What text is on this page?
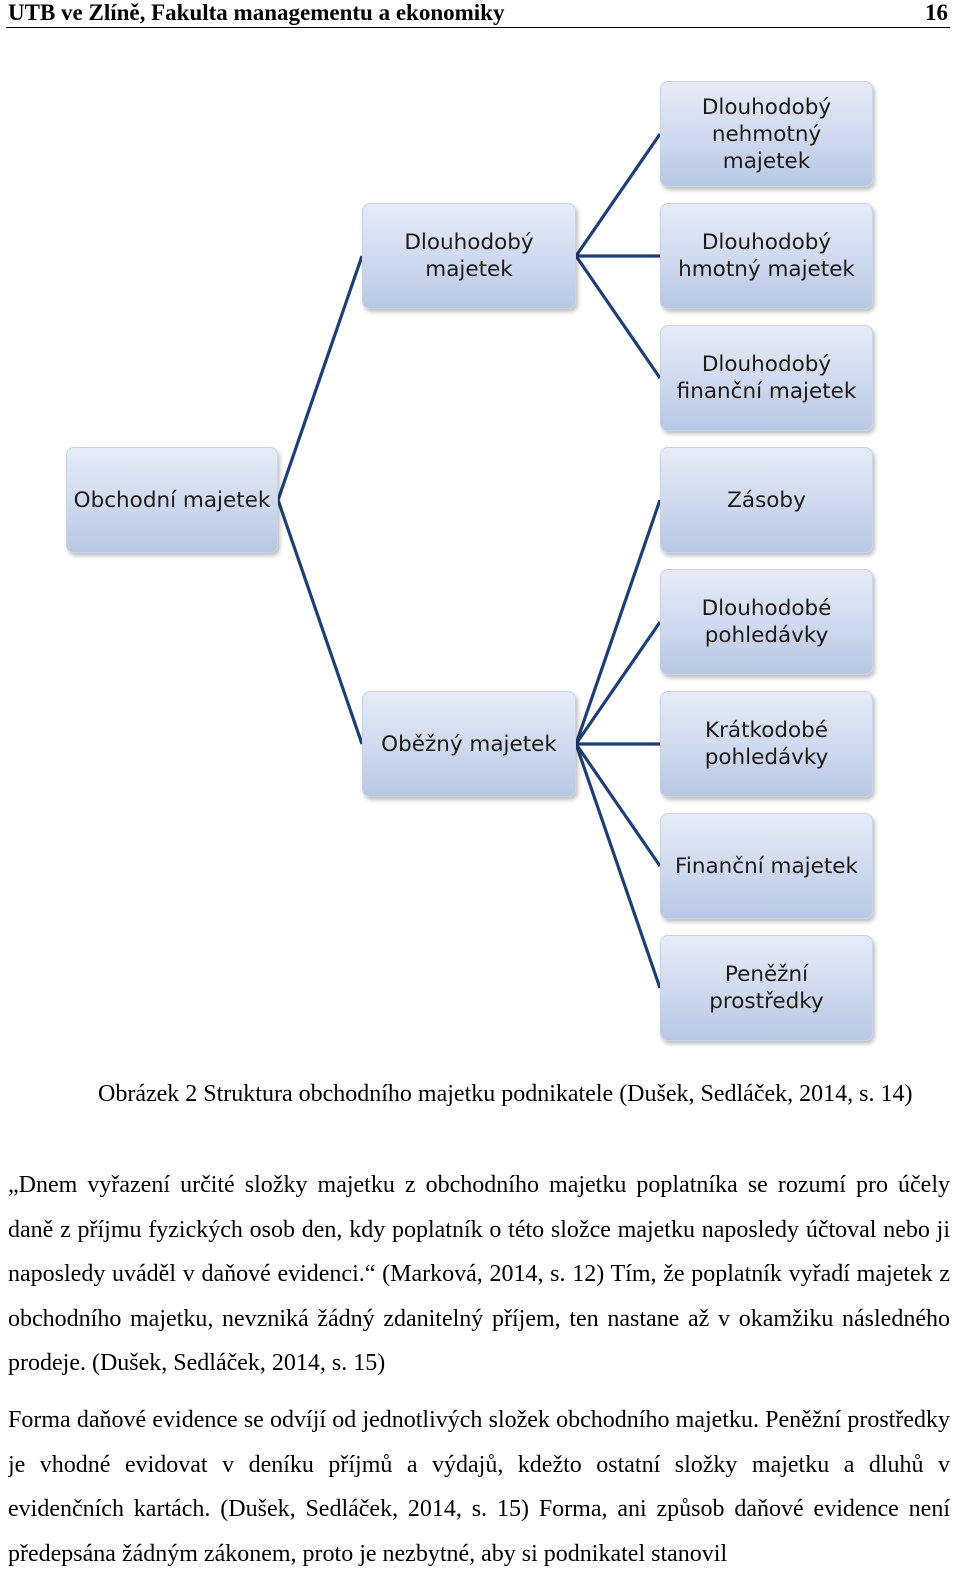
UTB ve Zlíně, Fakulta managementu a ekonomiky	16
Obchodní majetek
Dlouhodobý majetek
Oběžný majetek
Dlouhodobý nehmotný majetek
Dlouhodobý hmotný majetek
Dlouhodobý finanční majetek
Zásoby
Dlouhodobé pohledávky
Krátkodobé pohledávky
Finanční majetek
Peněžní prostředky
Obrázek 2 Struktura obchodního majetku podnikatele (Dušek, Sedláček, 2014, s. 14)
„Dnem vyřazení určité složky majetku z obchodního majetku poplatníka se rozumí pro účely daně z příjmu fyzických osob den, kdy poplatník o této složce majetku naposledy účtoval nebo ji naposledy uváděl v daňové evidenci.“ (Marková, 2014, s. 12) Tím, že poplatník vyřadí majetek z obchodního majetku, nevzniká žádný zdanitelný příjem, ten nastane až v okamžiku následného prodeje. (Dušek, Sedláček, 2014, s. 15)
Forma daňové evidence se odvíjí od jednotlivých složek obchodního majetku. Peněžní prostředky je vhodné evidovat v deníku příjmů a výdajů, kdežto ostatní složky majetku a dluhů v evidenčních kartách. (Dušek, Sedláček, 2014, s. 15) Forma, ani způsob daňové evidence není předepsána žádným zákonem, proto je nezbytné, aby si podnikatel stanovil
